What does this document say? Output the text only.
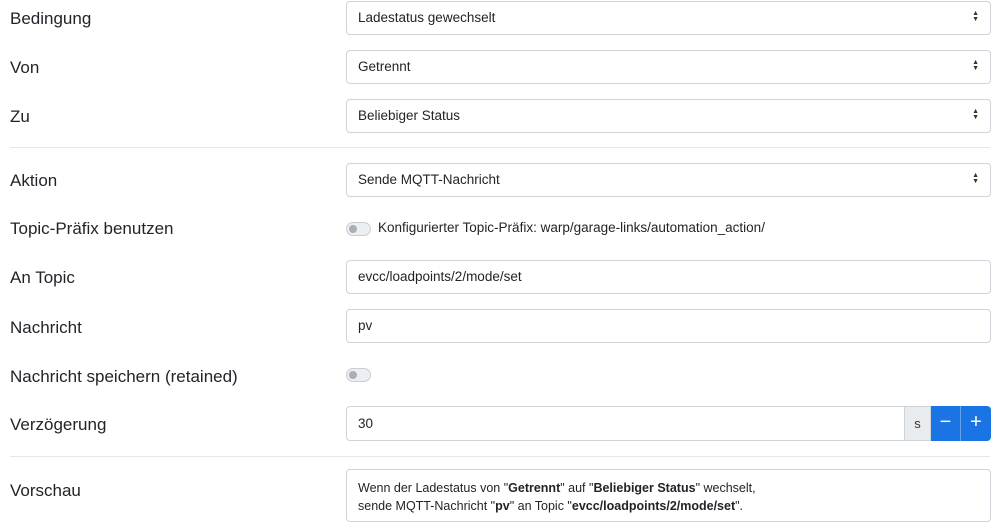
Bedingung	Ladestatus gewechselt	▲
▼
Von	Getrennt	▲
▼
Zu	Beliebiger Status	▲
▼
Aktion	Sende MQTT-Nachricht	▲
▼
Topic-Präfix benutzen	Konfigurierter Topic-Präfix: warp/garage-links/automation_action/
An Topic	evcc/loadpoints/2/mode/set
Nachricht	pv
Nachricht speichern (retained)
Verzögerung	30	s − +
Vorschau	Wenn der Ladestatus von "Getrennt" auf "Beliebiger Status" wechselt,
sende MQTT-Nachricht "pv" an Topic "evcc/loadpoints/2/mode/set".
